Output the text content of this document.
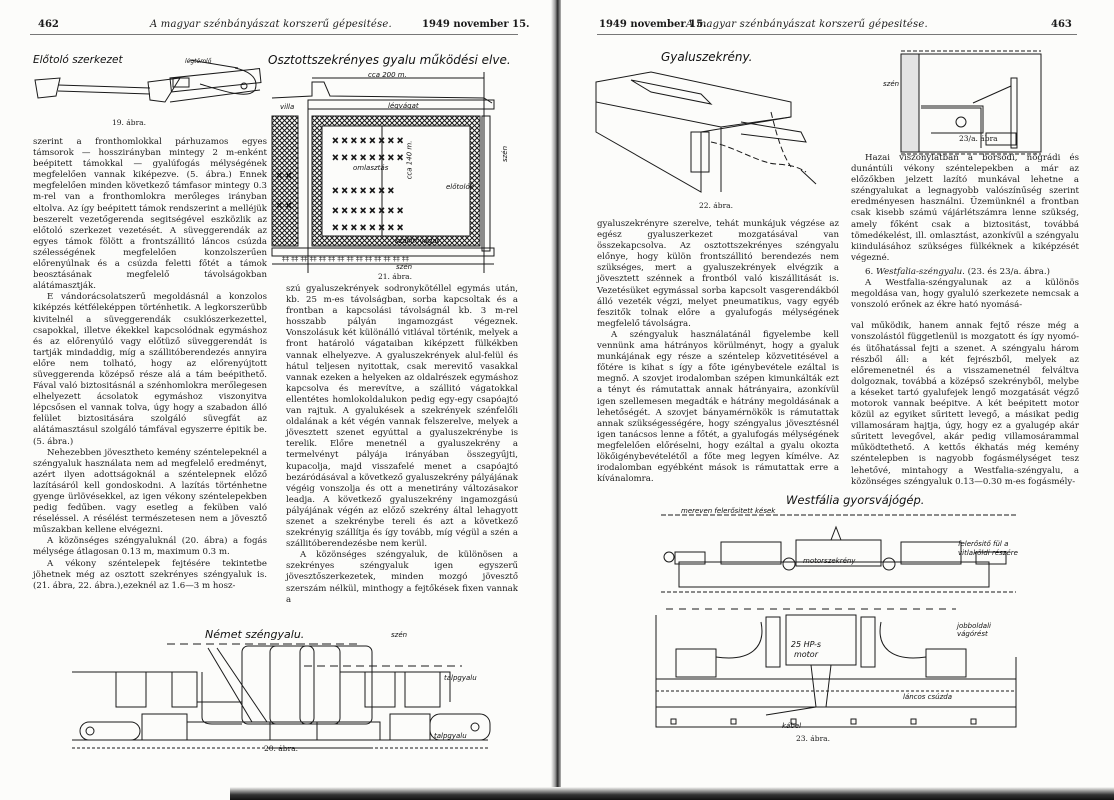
462	A magyar szénbányászat korszerű gépesitése.	1949 november 15.
Előtoló szerkezet	légtömlő
19. ábra.
Osztottszekrényes gyalu működési elve.
× × × × × × × ×
× × × × × × × ×
× × × × × × ×
× × × × × × × ×
× × × × × × × ×
× ×
× ×
‡‡ ‡‡ ‡‡ ‡‡ ‡‡ ‡‡ ‡‡ ‡‡ ‡‡ ‡‡ ‡‡ ‡‡ ‡‡ ‡‡
cca 200 m.
villa	légvágat
omlasztás cca 140 m.
előtolók
szén
szállítóvágat
szén
21. ábra.

szerint a fronthomlokkal párhuzamos egyes támsorok — hosszirányban mintegy 2 m-enként beépitett támokkal — gyalúfogás mélységének megfelelően vannak kiképezve. (5. ábra.) Ennek megfelelően minden következő támfasor mintegy 0.3 m-rel van a fronthomlokra merőleges irányban eltolva. Az így beépitett támok rendszerint a melléjük beszerelt vezetőgerenda segitségével eszközlik az előtoló szerkezet vezetését. A süveggerendák az egyes támok fölött a frontszállitó láncos csúzda szélességének megfelelően konzolszerűen előrenyúlnak és a csúzda feletti főtét a támok beosztásának megfelelő távolságokban alátámasztják.

E vándorácsolatszerű megoldásnál a konzolos kiképzés kétféleképpen történhetik. A legkorszerübb kivitelnél a süveggerendák csuklószerkezettel, csapokkal, illetve ékekkel kapcsolódnak egymáshoz és az előrenyúló vagy előtüző süveggerendát is tartják mindaddig, míg a szállitóberendezés annyira előre nem tolható, hogy az előrenyújtott süveggerenda középső része alá a tám beépithető. Fával való biztositásnál a szénhomlokra merőlegesen elhelyezett ácsolatok egymáshoz viszonyitva lépcsősen el vannak tolva, úgy hogy a szabadon álló felület biztositására szolgáló süvegfát az alátámasztásul szolgáló támfával egyszerre épitik be. (5. ábra.)

Nehezebben jövesztheto kemény széntelepeknél a széngyaluk használata nem ad megfelelő eredményt, azért ilyen adottságoknál a széntelepnek előző lazításáról kell gondoskodni. A lazítás történhetne gyenge ürlövésekkel, az igen vékony széntelepekben pedig fedűben. vagy esetleg a feküben való réseléssel. A résélést természetesen nem a jövesztő műszakban kellene elvégezni.

A közönséges széngyaluknál (20. ábra) a fogás mélysége átlagosan 0.13 m, maximum 0.3 m.

A vékony széntelepek fejtésére tekintetbe jöhetnek még az osztott szekrényes széngyaluk is. (21. ábra, 22. ábra.),ezeknél az 1.6—3 m hosz-

szú gyaluszekrények sodronykötéllel egymás után, kb. 25 m-es távolságban, sorba kapcsoltak és a frontban a kapcsolási távolságnál kb. 3 m-rel hosszabb pályán ingamozgást végeznek. Vonszolásuk két különálló vitlával történik, melyek a front határoló vágataiban kiképzett fülkékben vannak elhelyezve. A gyaluszekrények alul-felül és hátul teljesen nyitottak, csak merevitő vasakkal vannak ezeken a helyeken az oldalrészek egymáshoz kapcsolva és merevítve, a szállitó vágatokkal ellentétes homlokoldalukon pedig egy-egy csapóajtó van rajtuk. A gyalukések a szekrények szénfelőli oldalának a két végén vannak felszerelve, melyek a jövesztett szenet egyúttal a gyaluszekrénybe is terelik. Előre menetnél a gyaluszekrény a termelvényt pályája irányában összegyűjti, kupacolja, majd visszafelé menet a csapóajtó bezáródásával a következő gyaluszekrény pályájának végéig vonszolja és ott a menetirány változásakor leadja. A következő gyaluszekrény ingamozgású pályájának végén az előző szekrény által lehagyott szenet a szekrénybe tereli és azt a következő szekrényig szállítja és így tovább, míg végül a szén a szállitóberendezésbe nem kerül.

A közönséges széngyaluk, de különösen a szekrényes széngyaluk igen egyszerű jövesztőszerkezetek, minden mozgó jövesztő szerszám nélkül, minthogy a fejtőkések fixen vannak a

Német széngyalu.	szén
talpgyalu
talpgyalu
20. ábra.
1949 november 15.
A magyar szénbányászat korszerű gépesitése.	463
Gyaluszekrény.
22. ábra.
szén
23/a. ábra

gyaluszekrényre szerelve, tehát munkájuk végzése az egész gyaluszerkezet mozgatásával van összekapcsolva. Az osztottszekrényes széngyalu előnye, hogy külön frontszállitó berendezés nem szükséges, mert a gyaluszekrények elvégzik a jövesztett szénnek a frontból való kiszállitását is. Vezetésüket egymással sorba kapcsolt vasgerendákból álló vezeték végzi, melyet pneumatikus, vagy egyéb feszitők tolnak előre a gyalufogás mélységének megfelelő távolságra.

A széngyaluk használatánál figyelembe kell vennünk ama hátrányos körülményt, hogy a gyaluk munkájának egy része a széntelep közvetitésével a főtére is kihat s így a főte igénybevétele ezáltal is megnő. A szovjet irodalomban szépen kimunkálták ezt a tényt és rámutattak annak hátrányaira, azonkívül igen szellemesen megadták e hátrány megoldásának a lehetőségét. A szovjet bányamérnökök is rámutattak annak szükségességére, hogy széngyalus jövesztésnél igen tanácsos lenne a főtét, a gyalufogás mélységének megfelelően előréselni, hogy ezáltal a gyalu okozta lökőigénybevételétől a főte meg legyen kímélve. Az irodalomban egyébként mások is rámutattak erre a kívánalomra.

Hazai viszonylatban a borsodi, nógrádi és dunántúli vékony széntelepekben a már az előzőkben jelzett lazító munkával lehetne a széngyalukat a legnagyobb valószínűség szerint eredményesen használni. Üzemünknél a frontban csak kisebb számú vájárlétszámra lenne szükség, amely főként csak a biztositást, továbbá tömedékelést, ill. omlasztást, azonkívül a széngyalu kiindulásához szükséges fülkéknek a kiképzését végezné.

6. Westfalia-széngyalu. (23. és 23/a. ábra.)

A Westfalia-széngyalunak az a különös megoldása van, hogy gyaluló szerkezete nemcsak a vonszoló erőnek az ékre ható nyomásá-

val működik, hanem annak fejtő része még a vonszolástól függetlenül is mozgatott és így nyomó- és ütőhatással fejti a szenet. A széngyalu három részből áll: a két fejrészből, melyek az előremenetnél és a visszamenetnél felváltva dolgoznak, továbbá a középső szekrényből, melybe a késeket tartó gyalufejek lengő mozgatását végző motorok vannak beépitve. A két beépitett motor közül az egyiket sűritett levegő, a másikat pedig villamosáram hajtja, úgy, hogy ez a gyalugép akár sűritett levegővel, akár pedig villamosárammal működtethető. A kettős ékhatás még kemény széntelepben is nagyobb fogásmélységet tesz lehetővé, mintahogy a Westfalia-széngyalu, a közönséges széngyaluk 0.13—0.30 m-es fogásmély-

Westfália gyorsvájógép.
mereven felerősitett kések
motorszekrény
felerősitő fül a vitlaköldi részére
25 HP-s motor
jobboldali vágórést
láncos csúzda
kábel
23. ábra.
